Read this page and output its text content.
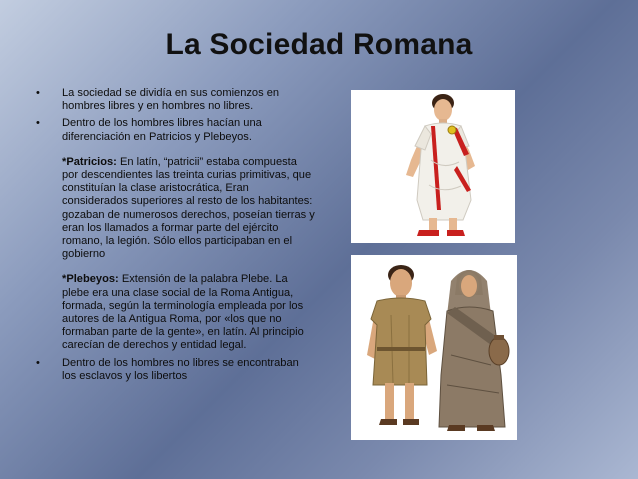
La Sociedad Romana
• La sociedad se dividía en sus comienzos en hombres libres y en hombres no libres.
• Dentro de los hombres libres hacían una diferenciación en Patricios y Plebeyos.
*Patricios: En latín, “patricii” estaba compuesta por descendientes las treinta curias primitivas, que constituían la clase aristocrática, Eran considerados superiores al resto de los habitantes: gozaban de numerosos derechos, poseían tierras y eran los llamados a formar parte del ejército romano, la legión. Sólo ellos participaban en el gobierno
*Plebeyos: Extensión de la palabra Plebe. La plebe era una clase social de la Roma Antigua, formada, según la terminología empleada por los autores de la Antigua Roma, por «los que no formaban parte de la gente», en latín. Al principio carecían de derechos y entidad legal.
• Dentro de los hombres no libres se encontraban los esclavos y los libertos
